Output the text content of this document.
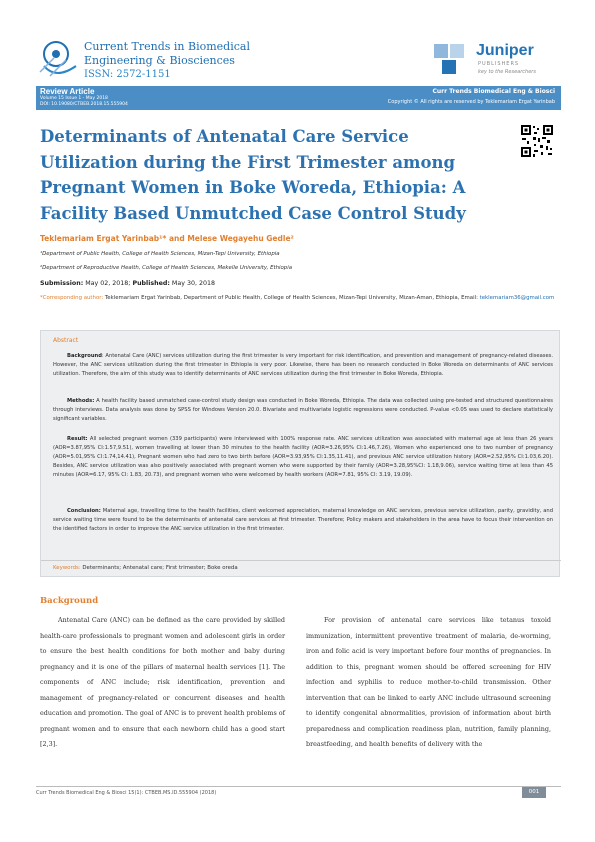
Current Trends in Biomedical
Engineering & Biosciences
ISSN: 2572-1151
Juniper
PUBLISHERS
key to the Researchers
Review Article
Volume 15 Issue 1 - May 2018
DOI: 10.19080/CTBEB.2018.15.555904
Curr Trends Biomedical Eng & Biosci
Copyright © All rights are reserved by Teklemariam Ergat Yarinbab
Determinants of Antenatal Care Service Utilization during the First Trimester among Pregnant Women in Boke Woreda, Ethiopia: A Facility Based Unmutched Case Control Study
Teklemariam Ergat Yarinbab¹* and Melese Wegayehu Gedle²
¹Department of Public Health, College of Health Sciences, Mizan-Tepi University, Ethiopia
²Department of Reproductive Health, College of Health Sciences, Mekelle University, Ethiopia
Submission: May 02, 2018; Published: May 30, 2018
*Corresponding author: Teklemariam Ergat Yarinbab, Department of Public Health, College of Health Sciences, Mizan-Tepi University, Mizan-Aman, Ethiopia, Email: teklemariam36@gmail.com
Abstract

Background: Antenatal Care (ANC) services utilization during the first trimester is very important for risk identification, and prevention and management of pregnancy-related diseases. However, the ANC services utilization during the first trimester in Ethiopia is very poor. Likewise, there has been no research conducted in Boke Woreda on determinants of ANC services utilization. Therefore, the aim of this study was to identify determinants of ANC services utilization during the first trimester in Boke Woreda, Ethiopia.

Methods: A health facility based unmatched case-control study design was conducted in Boke Woreda, Ethiopia. The data was collected using pre-tested and structured questionnaires through interviews. Data analysis was done by SPSS for Windows Version 20.0. Bivariate and multivariate logistic regressions were conducted. P-value <0.05 was used to declare statistically significant variables.

Result: All selected pregnant women (339 participants) were interviewed with 100% response rate. ANC services utilization was associated with maternal age at less than 26 years (AOR=3.87,95% CI:1.57,9.51), women travelling at lower than 30 minutes to the health facility (AOR=3.26,95% CI:1.46,7.26), Women who experienced one to two number of pregnancy (AOR=5.01,95% CI:1.74,14.41), Pregnant women who had zero to two birth before (AOR=3.93,95% CI:1.35,11.41), and previous ANC service utilization history (AOR=2.52,95% CI:1.03,6.20). Besides, ANC service utilization was also positively associated with pregnant women who were supported by their family (AOR=3.28,95%CI: 1.18,9.06), service waiting time at less than 45 minutes (AOR=6.17, 95% CI: 1.83, 20.73), and pregnant women who were welcomed by health workers (AOR=7.81, 95% CI: 3.19, 19.09).

Conclusion: Maternal age, travelling time to the health facilities, client welcomed appreciation, maternal knowledge on ANC services, previous service utilization, parity, gravidity, and service waiting time were found to be the determinants of antenatal care services at first trimester. Therefore; Policy makers and stakeholders in the area have to focus their intervention on the identified factors in order to improve the ANC service utilization in the first trimester.

Keywords: Determinants; Antenatal care; First trimester; Boke oreda
Background

Antenatal Care (ANC) can be defined as the care provided by skilled health-care professionals to pregnant women and adolescent girls in order to ensure the best health conditions for both mother and baby during pregnancy and it is one of the pillars of maternal health services [1]. The components of ANC include; risk identification, prevention and management of pregnancy-related or concurrent diseases and health education and promotion. The goal of ANC is to prevent health problems of pregnant women and to ensure that each newborn child has a good start [2,3].

For provision of antenatal care services like tetanus toxoid immunization, intermittent preventive treatment of malaria, de-worming, iron and folic acid is very important before four months of pregnancies. In addition to this, pregnant women should be offered screening for HIV infection and syphilis to reduce mother-to-child transmission. Other intervention that can be linked to early ANC include ultrasound screening to identify congenital abnormalities, provision of information about birth preparedness and complication readiness plan, nutrition, family planning, breastfeeding, and health benefits of delivery with the

Curr Trends Biomedical Eng & Biosci 15(1): CTBEB.MS.ID.555904 (2018)	001
